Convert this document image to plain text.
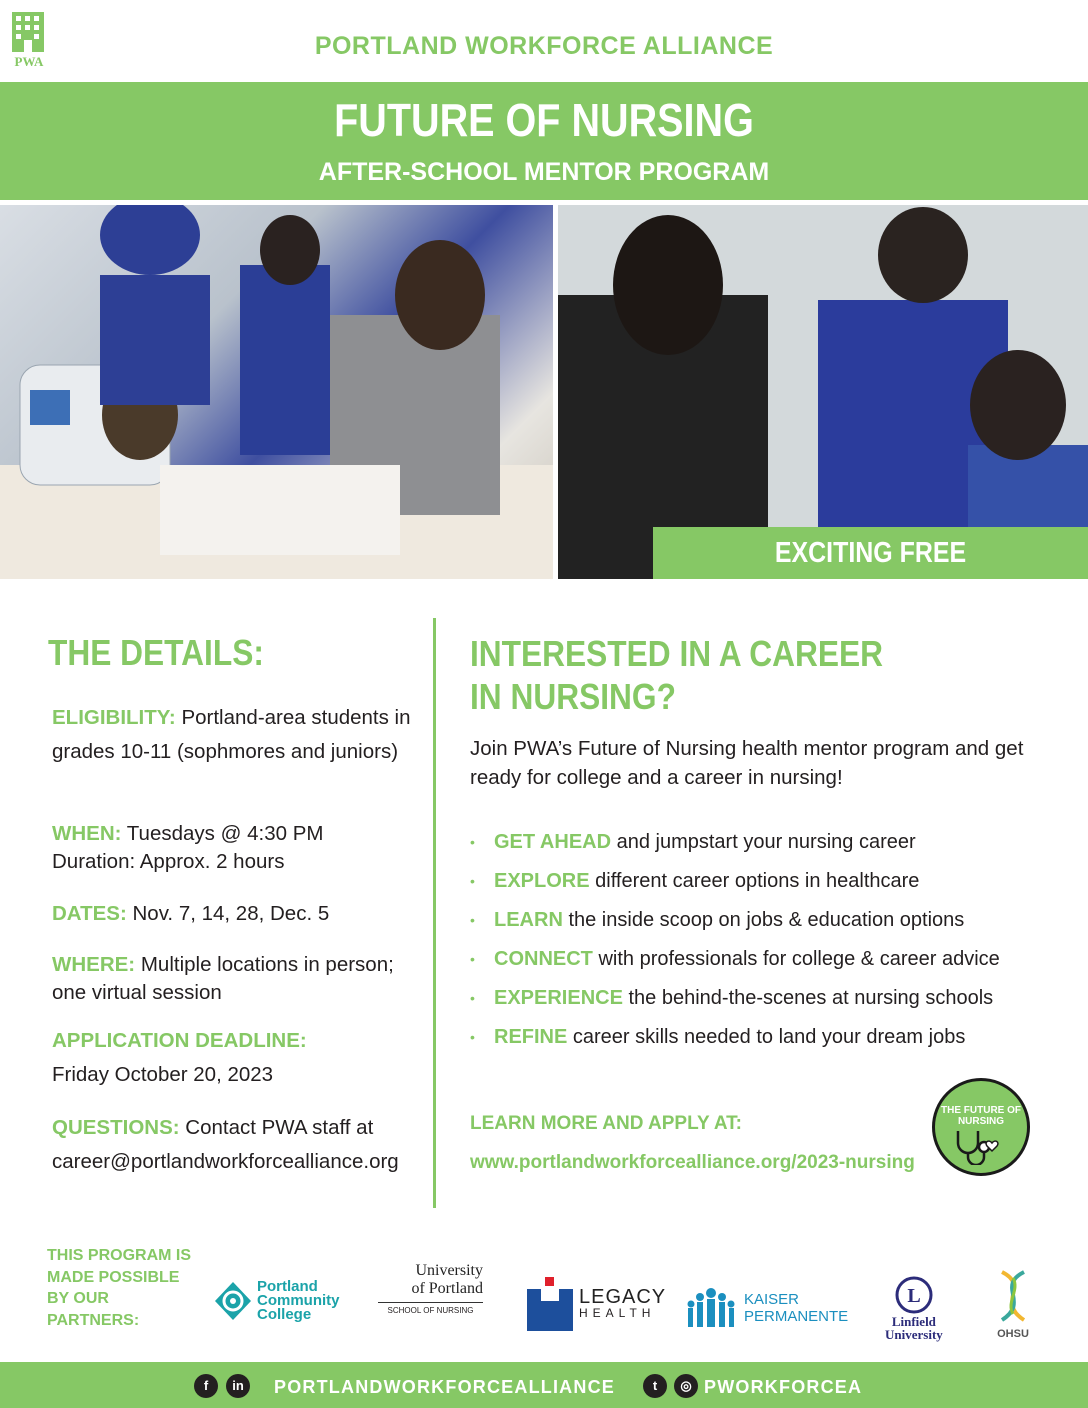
PWA
PORTLAND WORKFORCE ALLIANCE
FUTURE OF NURSING
AFTER-SCHOOL MENTOR PROGRAM
EXCITING FREE OPPORTUNITY!
THE DETAILS:
ELIGIBILITY: Portland-area students in grades 10-11 (sophmores and juniors)
WHEN: Tuesdays @ 4:30 PM
Duration: Approx. 2 hours
DATES: Nov. 7, 14, 28, Dec. 5
WHERE: Multiple locations in person; one virtual session
APPLICATION DEADLINE:
Friday October 20, 2023
QUESTIONS: Contact PWA staff at
career@portlandworkforcealliance.org
INTERESTED IN A CAREER IN NURSING?
Join PWA’s Future of Nursing health mentor program and get ready for college and a career in nursing!
• GET AHEAD and jumpstart your nursing career
• EXPLORE different career options in healthcare
• LEARN the inside scoop on jobs & education options
• CONNECT with professionals for college & career advice
• EXPERIENCE the behind-the-scenes at nursing schools
• REFINE career skills needed to land your dream jobs
LEARN MORE AND APPLY AT:
www.portlandworkforcealliance.org/2023-nursing
THE FUTURE OF NURSING
THIS PROGRAM IS MADE POSSIBLE BY OUR PARTNERS:
Portland Community College
University
of Portland
SCHOOL OF NURSING
LEGACY
HEALTH
KAISER
PERMANENTE
L
Linfield
University	OHSU
f	in	PORTLANDWORKFORCEALLIANCE	t	◎ PWORKFORCEA
